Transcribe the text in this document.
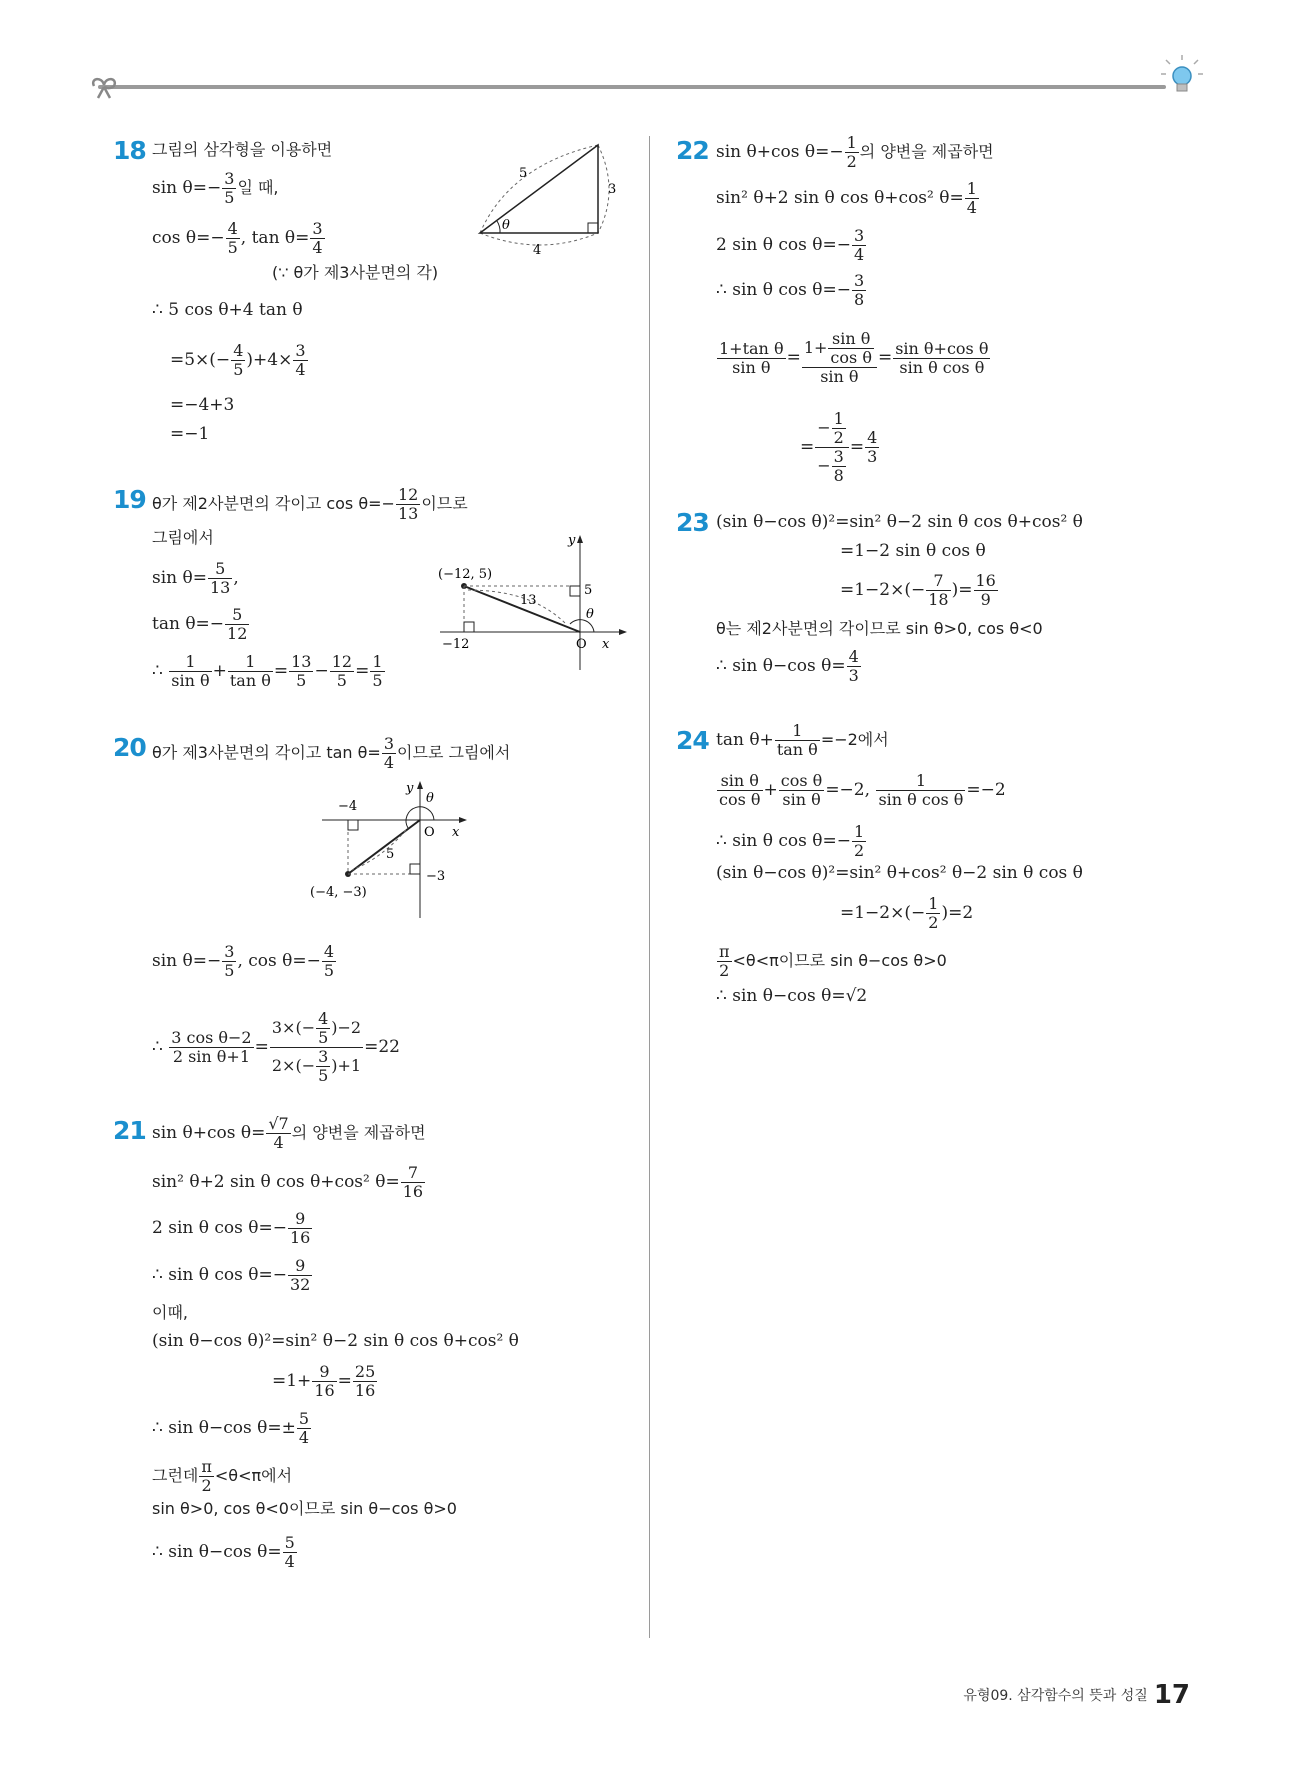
18 그림의 삼각형을 이용하면
$\sin \theta=- \frac{3}{5}$ 일 때,
$\cos \theta=- \frac{4}{5}$ , $\tan \theta= \frac{3}{4}$
(∵ θ가 제3사분면의 각)
∴ 5 cos θ+4 tan θ
$=5\times(- \frac{4}{5} )+4\times \frac{3}{4}$
=−4+3
=−1
5
3
4
θ
19 θ가 제2사분면의 각이고 $\cos \theta=- \frac{12}{13}$ 이므로
그림에서
$\sin \theta= \frac{5}{13}$ ,
$\tan \theta=- \frac{5}{12}$
∴ $\frac{1}{\text{sin θ}} + \frac{1}{\text{tan θ}} = \frac{13}{5} - \frac{12}{5} = \frac{1}{5}$
(−12, 5)
13
5
−12	O x
y
θ
20 θ가 제3사분면의 각이고 $\tan \theta= \frac{3}{4}$ 이므로 그림에서
−4
−3
(−4, −3)
5
O x
y
θ
$\sin \theta=- \frac{3}{5}$ , $\cos \theta=- \frac{4}{5}$
∴ $\frac{\text{3 cos θ−2}}{\text{2 sin θ+1}} = \frac{3\times(- \frac{4}{5} )-2}{2\times(- \frac{3}{5} )+1} =22$
21 sin θ+cos $\theta= \frac{√7}{4}$ 의 양변을 제곱하면
sin² θ+2 sin θ cos θ+cos² $\theta= \frac{7}{16}$
2 sin θ $\cos \theta=- \frac{9}{16}$
∴ sin θ $\cos \theta=- \frac{9}{32}$
이때,
(sin θ−cos θ)²=sin² θ−2 sin θ cos θ+cos² θ
$=1+ \frac{9}{16} = \frac{25}{16}$
∴ sin θ−cos $\theta=\pm \frac{5}{4}$
그런데 $\frac{\pi}{2} <\theta<\pi$에서
sin θ>0, cos θ<0이므로 sin θ−cos θ>0
∴ sin θ−cos $\theta= \frac{5}{4}$
22 sin θ+cos $\theta=- \frac{1}{2}$ 의 양변을 제곱하면
sin² θ+2 sin θ cos θ+cos² $\theta= \frac{1}{4}$
2 sin θ $\cos \theta=- \frac{3}{4}$
∴ sin θ $\cos \theta=- \frac{3}{8}$
$\frac{\text{1+tan θ}}{\text{sin θ}} = \frac{1+ \frac{\text{sin θ}}{\text{cos θ}}}{\text{sin θ}} = \frac{\text{sin θ+cos θ}}{\text{sin θ cos θ}}$
= $\frac{- \frac{1}{2}}{- \frac{3}{8}} = \frac{4}{3}$
23 (sin θ−cos θ)²=sin² θ−2 sin θ cos θ+cos² θ
=1−2 sin θ cos θ
$=1-2\times(- \frac{7}{18}$ )= $\frac{16}{9}$
θ는 제2사분면의 각이므로 sin θ>0, cos θ<0
∴ sin θ−cos $\theta= \frac{4}{3}$
24 $\tan \theta+ \frac{1}{\text{tan θ}} =-2$에서
$\frac{\text{sin θ}}{\text{cos θ}} + \frac{\text{cos θ}}{\text{sin θ}} =-2$, $\frac{1}{\text{sin θ cos θ}} =-2$
∴ sin θ $\cos \theta=- \frac{1}{2}$
(sin θ−cos θ)²=sin² θ+cos² θ−2 sin θ cos θ
$=1-2\times(- \frac{1}{2} )=2$
$\frac{\pi}{2} <\theta<\pi$이므로 sin θ−cos θ>0
∴ sin θ−cos θ=√2
유형09. 삼각함수의 뜻과 성질 17
